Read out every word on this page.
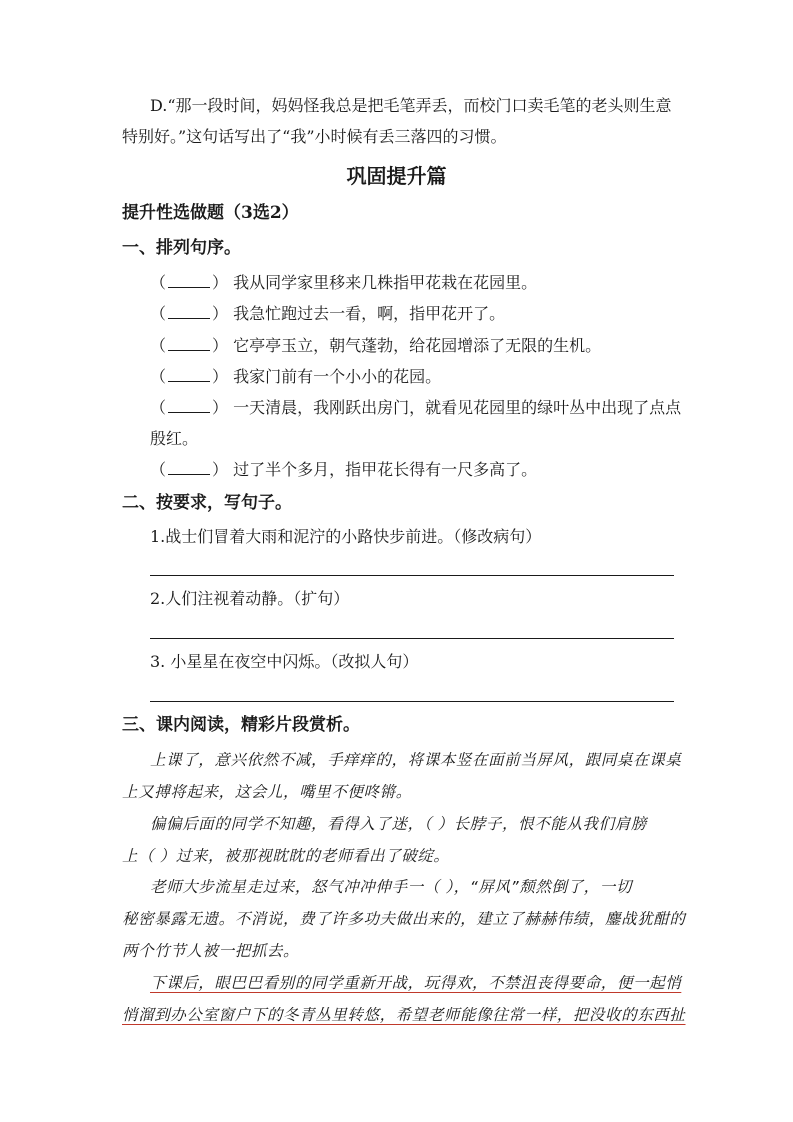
D.“那一段时间，妈妈怪我总是把毛笔弄丢，而校门口卖毛笔的老头则生意
特别好。”这句话写出了“我”小时候有丢三落四的习惯。
巩固提升篇
提升性选做题（3选2）
一、排列句序。
（	） 我从同学家里移来几株指甲花栽在花园里。
（	） 我急忙跑过去一看，啊，指甲花开了。
（	） 它亭亭玉立，朝气蓬勃，给花园增添了无限的生机。
（	） 我家门前有一个小小的花园。
（	） 一天清晨，我刚跃出房门，就看见花园里的绿叶丛中出现了点点
殷红。
（	） 过了半个多月，指甲花长得有一尺多高了。
二、按要求，写句子。
1.战士们冒着大雨和泥泞的小路快步前进。（修改病句）
2.人们注视着动静。（扩句）
3. 小星星在夜空中闪烁。（改拟人句）
三、课内阅读，精彩片段赏析。
上课了，意兴依然不减，手痒痒的，将课本竖在面前当屏风，跟同桌在课桌
上又搏将起来，这会儿，嘴里不便咚锵。
偏偏后面的同学不知趣，看得入了迷，（ ）长脖子，恨不能从我们肩膀
上（ ）过来，被那视眈眈的老师看出了破绽。
老师大步流星走过来，怒气冲冲伸手一（ ），“屏风”颓然倒了，一切
秘密暴露无遗。不消说，费了许多功夫做出来的，建立了赫赫伟绩，鏖战犹酣的
两个竹节人被一把抓去。
下课后，眼巴巴看别的同学重新开战，玩得欢，不禁沮丧得要命，便一起悄
悄溜到办公室窗户下的冬青丛里转悠，希望老师能像往常一样，把没收的东西扯
